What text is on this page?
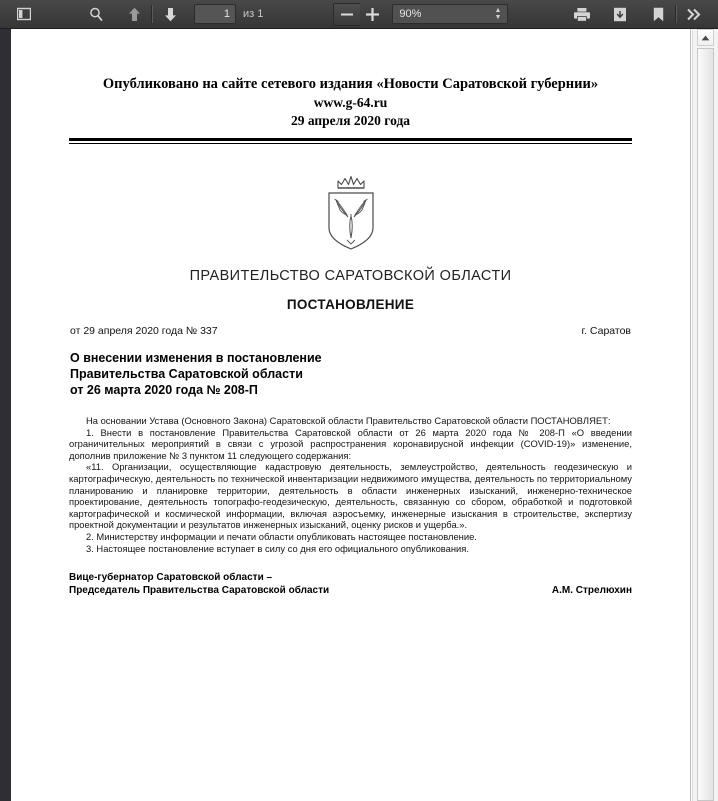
1
из 1
90%	▲
▼
Опубликовано на сайте сетевого издания «Новости Саратовской губернии»
www.g-64.ru
29 апреля 2020 года
ПРАВИТЕЛЬСТВО САРАТОВСКОЙ ОБЛАСТИ
ПОСТАНОВЛЕНИЕ
от 29 апреля 2020 года № 337	г. Саратов
О внесении изменения в постановление
Правительства Саратовской области
от 26 марта 2020 года № 208-П

На основании Устава (Основного Закона) Саратовской области Правительство Саратовской области ПОСТАНОВЛЯЕТ:

1. Внести в постановление Правительства Саратовской области от 26 марта 2020 года № 208-П «О введении ограничительных мероприятий в связи с угрозой распространения коронавирусной инфекции (COVID-19)» изменение, дополнив приложение № 3 пунктом 11 следующего содержания:

«11. Организации, осуществляющие кадастровую деятельность, землеустройство, деятельность геодезическую и картографическую, деятельность по технической инвентаризации недвижимого имущества, деятельность по территориальному планированию и планировке территории, деятельность в области инженерных изысканий, инженерно-техническое проектирование, деятельность топографо-геодезическую, деятельность, связанную со сбором, обработкой и подготовкой картографической и космической информации, включая аэросъемку, инженерные изыскания в строительстве, экспертизу проектной документации и результатов инженерных изысканий, оценку рисков и ущерба.».

2. Министерству информации и печати области опубликовать настоящее постановление.

3. Настоящее постановление вступает в силу со дня его официального опубликования.

Вице-губернатор Саратовской области –
Председатель Правительства Саратовской области	А.М. Стрелюхин
